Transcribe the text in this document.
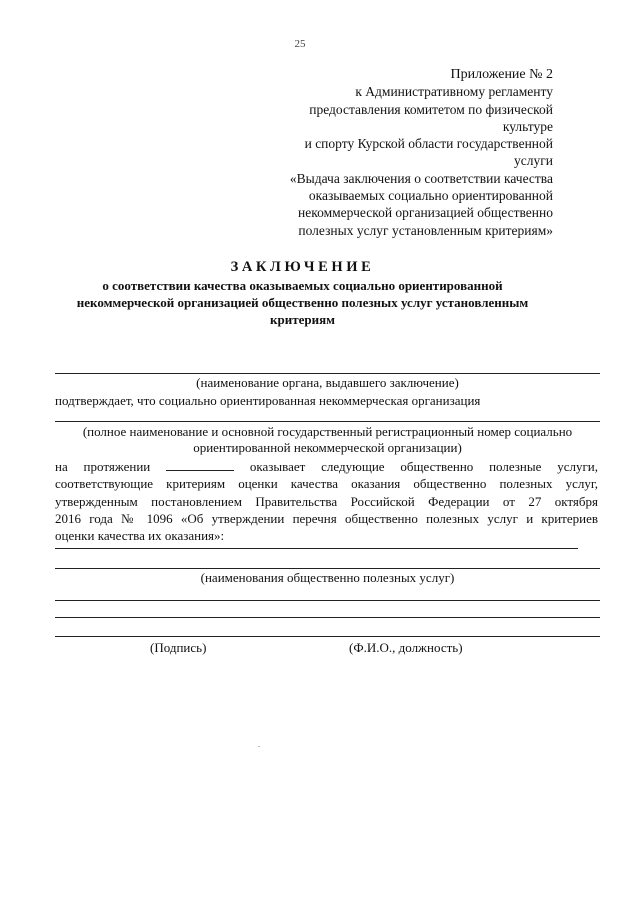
25
Приложение № 2
к Административному регламенту
предоставления комитетом по физической
культуре
и спорту Курской области государственной
услуги
«Выдача заключения о соответствии качества
оказываемых социально ориентированной
некоммерческой организацией общественно
полезных услуг установленным критериям»
ЗАКЛЮЧЕНИЕ
о соответствии качества оказываемых социально ориентированной
некоммерческой организацией общественно полезных услуг установленным
критериям
(наименование органа, выдавшего заключение)
подтверждает, что социально ориентированная некоммерческая организация
(полное наименование и основной государственный регистрационный номер социально
ориентированной некоммерческой организации)
на протяжении	оказывает следующие общественно полезные услуги,
соответствующие критериям оценки качества оказания общественно полезных услуг,
утвержденным постановлением Правительства Российской Федерации от 27 октября
2016 года № 1096 «Об утверждении перечня общественно полезных услуг и критериев
оценки качества их оказания»:
(наименования общественно полезных услуг)
(Подпись)	(Ф.И.О., должность)
